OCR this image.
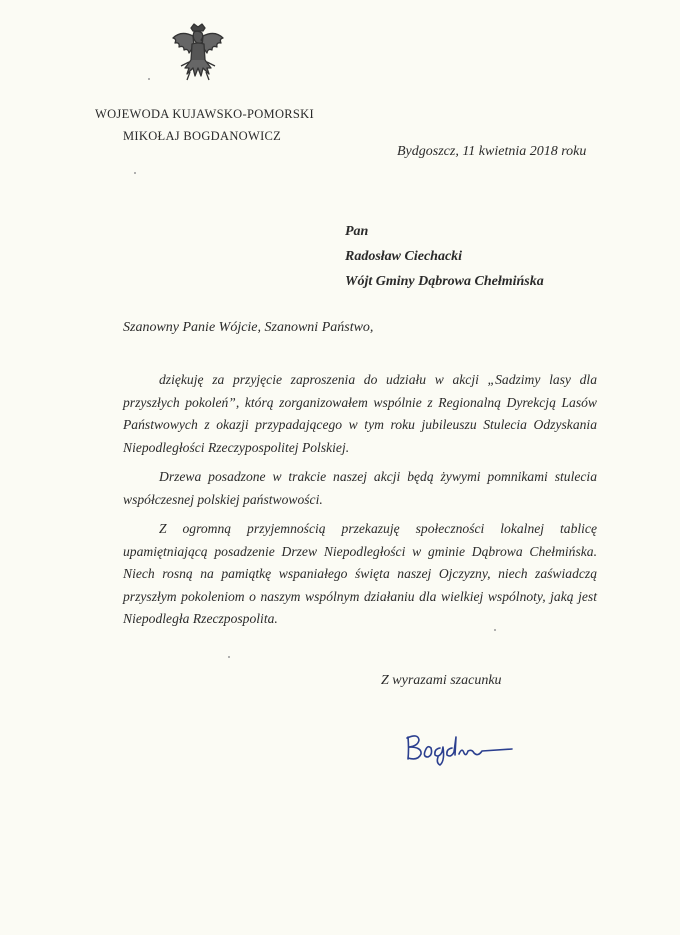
WOJEWODA KUJAWSKO-POMORSKI
MIKOŁAJ BOGDANOWICZ
Bydgoszcz, 11 kwietnia 2018 roku
Pan
Radosław Ciechacki
Wójt Gminy Dąbrowa Chełmińska
Szanowny Panie Wójcie, Szanowni Państwo,

dziękuję za przyjęcie zaproszenia do udziału w akcji „Sadzimy lasy dla przyszłych pokoleń”, którą zorganizowałem wspólnie z Regionalną Dyrekcją Lasów Państwowych z okazji przypadającego w tym roku jubileuszu Stulecia Odzyskania Niepodległości Rzeczypospolitej Polskiej.

Drzewa posadzone w trakcie naszej akcji będą żywymi pomnikami stulecia współczesnej polskiej państwowości.

Z ogromną przyjemnością przekazuję społeczności lokalnej tablicę upamiętniającą posadzenie Drzew Niepodległości w gminie Dąbrowa Chełmińska. Niech rosną na pamiątkę wspaniałego święta naszej Ojczyzny, niech zaświadczą przyszłym pokoleniom o naszym wspólnym działaniu dla wielkiej wspólnoty, jaką jest Niepodległa Rzeczpospolita.

Z wyrazami szacunku
